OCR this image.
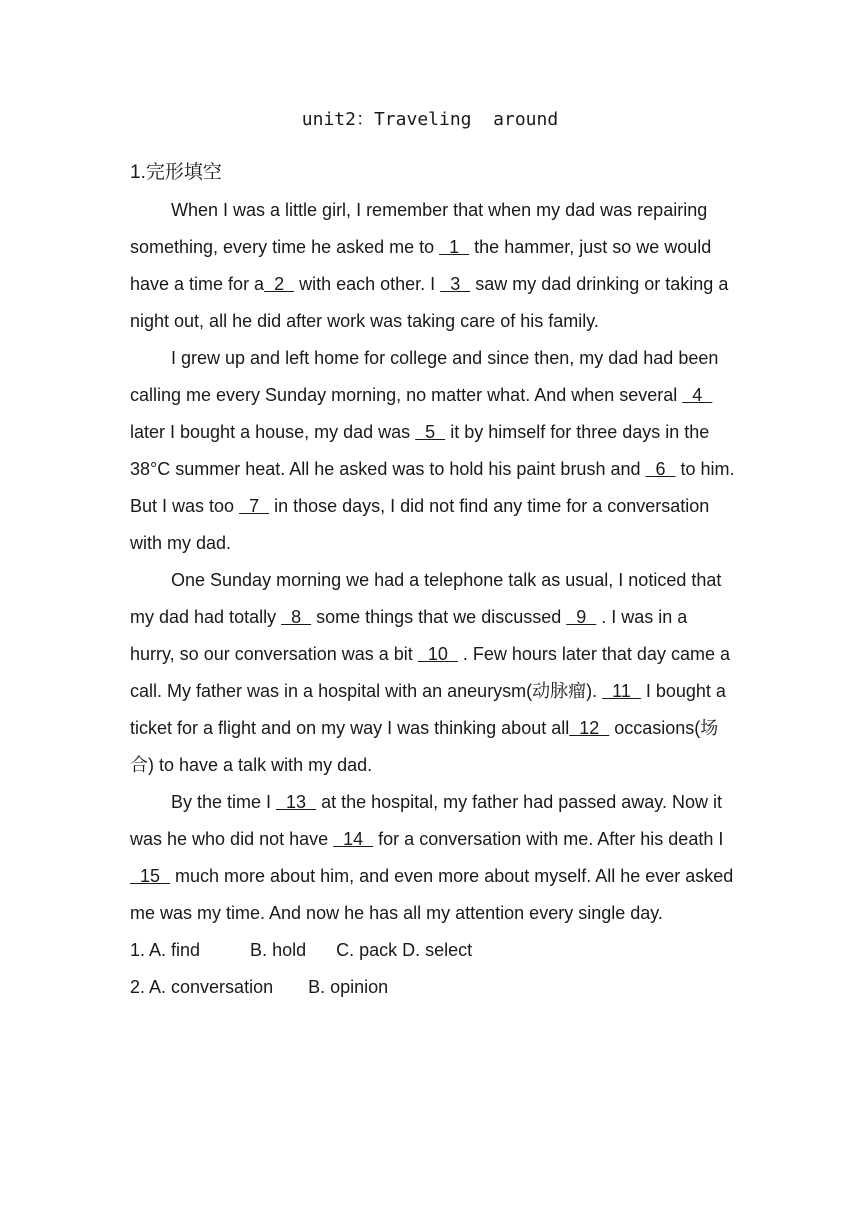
unit2：Traveling  around
1.完形填空

When I was a little girl, I remember that when my dad was repairing something, every time he asked me to   1   the hammer, just so we would have a time for a  2   with each other. I   3   saw my dad drinking or taking a night out, all he did after work was taking care of his family.

I grew up and left home for college and since then, my dad had been calling me every Sunday morning, no matter what. And when several   4   later I bought a house, my dad was   5   it by himself for three days in the 38°C summer heat. All he asked was to hold his paint brush and   6   to him. But I was too   7   in those days, I did not find any time for a conversation with my dad.

One Sunday morning we had a telephone talk as usual, I noticed that my dad had totally   8   some things that we discussed   9   . I was in a hurry, so our conversation was a bit   10   . Few hours later that day came a call. My father was in a hospital with an aneurysm(动脉瘤).   11   I bought a ticket for a flight and on my way I was thinking about all  12   occasions(场合) to have a talk with my dad.

By the time I   13   at the hospital, my father had passed away. Now it was he who did not have   14   for a conversation with me. After his death I   15   much more about him, and even more about myself. All he ever asked me was my time. And now he has all my attention every single day.

1. A. find          B. hold      C. pack D. select

2. A. conversation       B. opinion
